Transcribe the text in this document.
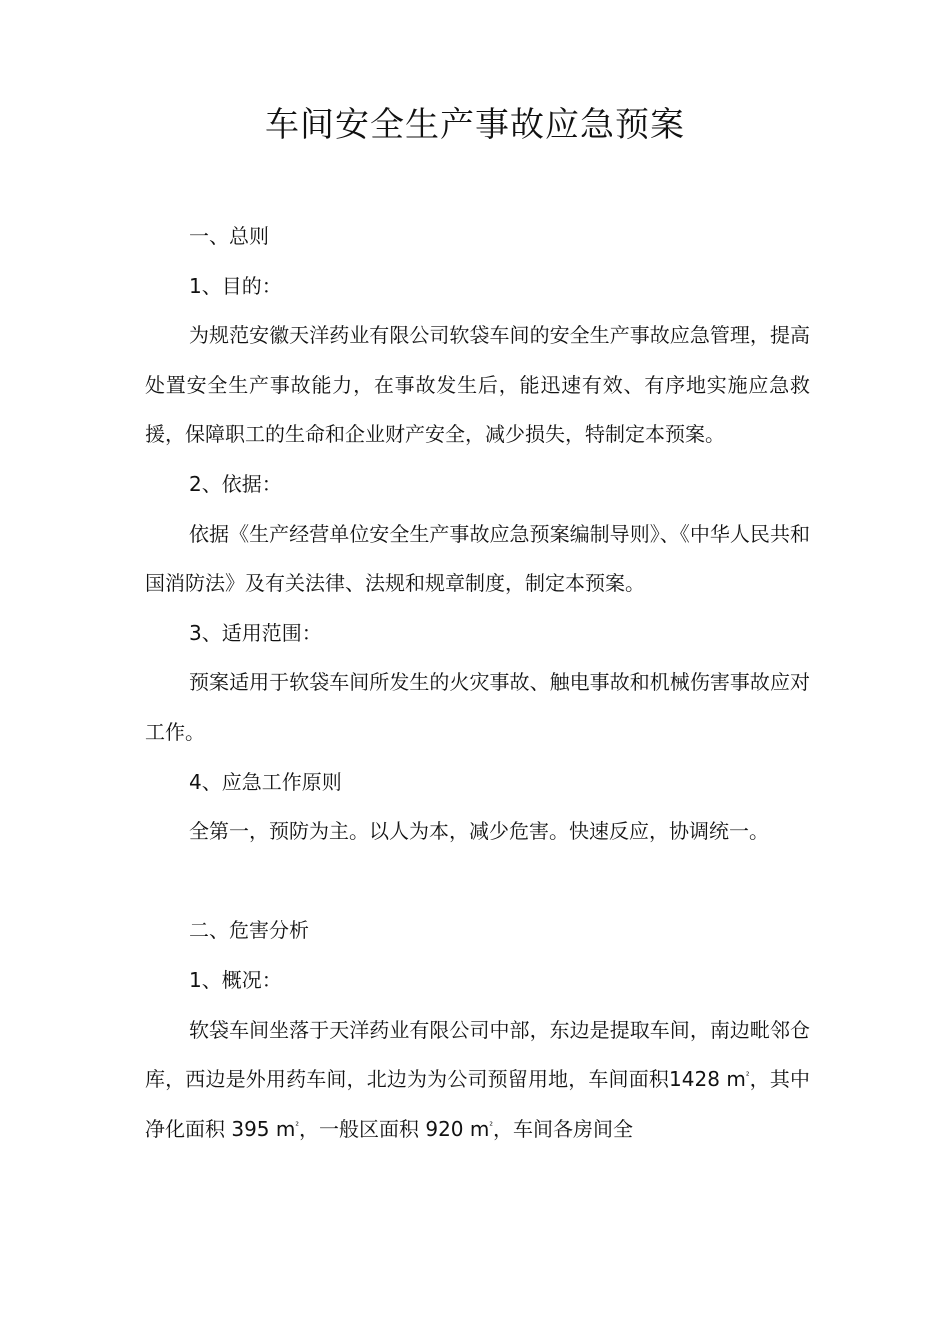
车间安全生产事故应急预案

一、总则

1、目的：

为规范安徽天洋药业有限公司软袋车间的安全生产事故应急管理，提高处置安全生产事故能力，在事故发生后，能迅速有效、有序地实施应急救援，保障职工的生命和企业财产安全，减少损失，特制定本预案。

2、依据：

依据《生产经营单位安全生产事故应急预案编制导则》、《中华人民共和国消防法》及有关法律、法规和规章制度，制定本预案。

3、适用范围：

预案适用于软袋车间所发生的火灾事故、触电事故和机械伤害事故应对工作。

4、应急工作原则

全第一，预防为主。以人为本，减少危害。快速反应，协调统一。

二、危害分析

1、概况：

软袋车间坐落于天洋药业有限公司中部，东边是提取车间，南边毗邻仓库，西边是外用药车间，北边为为公司预留用地，车间面积1428 $m^{^2}$，其中净化面积 395 $m^{^2}$，一般区面积 920 $m^{^2}$，车间各房间全
